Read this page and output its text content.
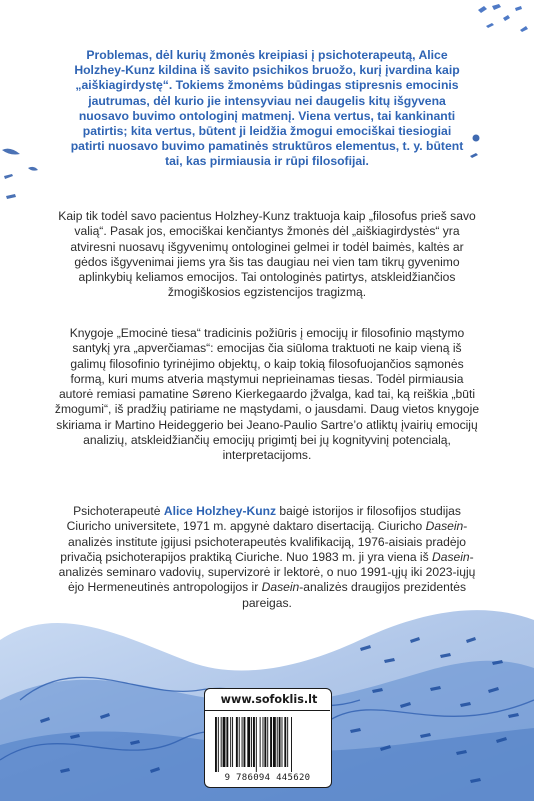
Problemas, dėl kurių žmonės kreipiasi į psichoterapeutą, Alice Holzhey-Kunz kildina iš savito psichikos bruožo, kurį įvardina kaip „aiškiagirdystę“. Tokiems žmonėms būdingas stipresnis emocinis jautrumas, dėl kurio jie intensyviau nei daugelis kitų išgyvena nuosavo buvimo ontologinį matmenį. Viena vertus, tai kankinanti patirtis; kita vertus, būtent ji leidžia žmogui emociškai tiesiogiai patirti nuosavo buvimo pamatinės struktūros elementus, t. y. būtent tai, kas pirmiausia ir rūpi filosofijai.

Kaip tik todėl savo pacientus Holzhey-Kunz traktuoja kaip „filosofus prieš savo valią“. Pasak jos, emociškai kenčiantys žmonės dėl „aiškiagirdystės“ yra atviresni nuosavų išgyvenimų ontologinei gelmei ir todėl baimės, kaltės ar gėdos išgyvenimai jiems yra šis tas daugiau nei vien tam tikrų gyvenimo aplinkybių keliamos emocijos. Tai ontologinės patirtys, atskleidžiančios žmogiškosios egzistencijos tragizmą.

Knygoje „Emocinė tiesa“ tradicinis požiūris į emocijų ir filosofinio mąstymo santykį yra „apverčiamas“: emocijas čia siūloma traktuoti ne kaip vieną iš galimų filosofinio tyrinėjimo objektų, o kaip tokią filosofuojančios sąmonės formą, kuri mums atveria mąstymui neprieinamas tiesas. Todėl pirmiausia autorė remiasi pamatine Søreno Kierkegaardo įžvalga, kad tai, ką reiškia „būti žmogumi“, iš pradžių patiriame ne mąstydami, o jausdami. Daug vietos knygoje skiriama ir Martino Heideggerio bei Jeano-Paulio Sartre’o atliktų įvairių emocijų analizių, atskleidžiančių emocijų prigimtį bei jų kognityvinį potencialą, interpretacijoms.

Psichoterapeutė Alice Holzhey-Kunz baigė istorijos ir filosofijos studijas Ciuricho universitete, 1971 m. apgynė daktaro disertaciją. Ciuricho Dasein-analizės institute įgijusi psichoterapeutės kvalifikaciją, 1976-aisiais pradėjo privačią psichoterapijos praktiką Ciuriche. Nuo 1983 m. ji yra viena iš Dasein-analizės seminaro vadovių, supervizorė ir lektorė, o nuo 1991-ųjų iki 2023-iųjų ėjo Hermeneutinės antropologijos ir Dasein-analizės draugijos prezidentės pareigas.

www.sofoklis.lt
9 786094 445620
